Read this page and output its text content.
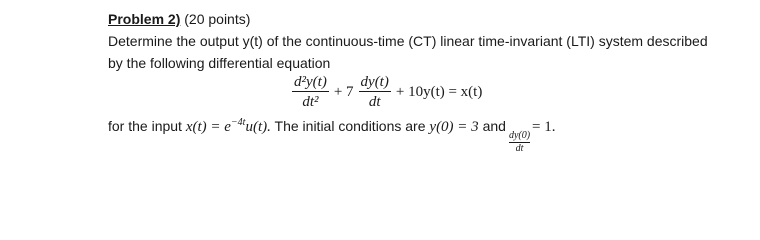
Problem 2) (20 points)
Determine the output y(t) of the continuous-time (CT) linear time-invariant (LTI) system described
by the following differential equation
$\frac{\text{d²y(t)}}{\text{dt²}} + 7 \frac{dy(t)}{dt} + 10y(t) = x(t)$
for the input $x(t) = e^{-4t}u(t)$. The initial conditions are y(0) = 3 and
$\frac{dy(0)}{dt}$
= 1.
